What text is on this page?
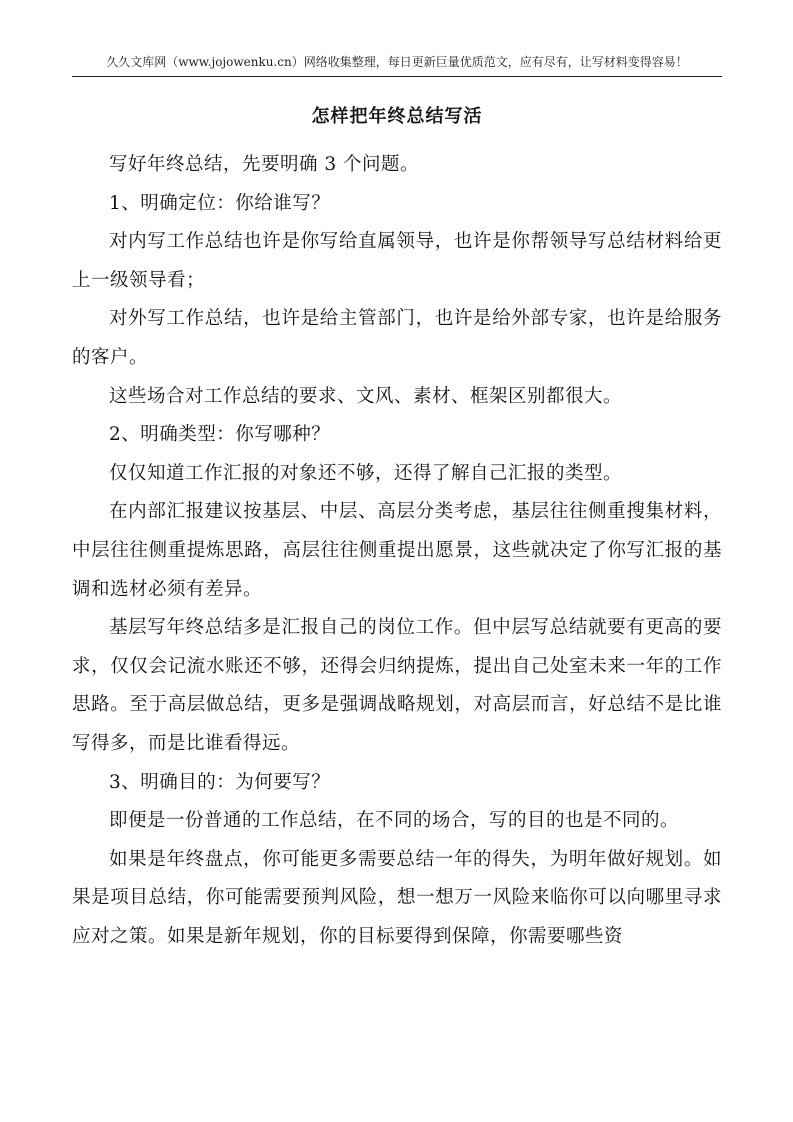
久久文库网（www.jojowenku.cn）网络收集整理，每日更新巨量优质范文，应有尽有，让写材料变得容易！
怎样把年终总结写活

写好年终总结，先要明确 3 个问题。

1、明确定位：你给谁写？

对内写工作总结也许是你写给直属领导，也许是你帮领导写总结材料给更上一级领导看；

对外写工作总结，也许是给主管部门，也许是给外部专家，也许是给服务的客户。

这些场合对工作总结的要求、文风、素材、框架区别都很大。

2、明确类型：你写哪种？

仅仅知道工作汇报的对象还不够，还得了解自己汇报的类型。

在内部汇报建议按基层、中层、高层分类考虑，基层往往侧重搜集材料，中层往往侧重提炼思路，高层往往侧重提出愿景，这些就决定了你写汇报的基调和选材必须有差异。

基层写年终总结多是汇报自己的岗位工作。但中层写总结就要有更高的要求，仅仅会记流水账还不够，还得会归纳提炼，提出自己处室未来一年的工作思路。至于高层做总结，更多是强调战略规划，对高层而言，好总结不是比谁写得多，而是比谁看得远。

3、明确目的：为何要写？

即便是一份普通的工作总结，在不同的场合，写的目的也是不同的。

如果是年终盘点，你可能更多需要总结一年的得失，为明年做好规划。如果是项目总结，你可能需要预判风险，想一想万一风险来临你可以向哪里寻求应对之策。如果是新年规划，你的目标要得到保障，你需要哪些资
